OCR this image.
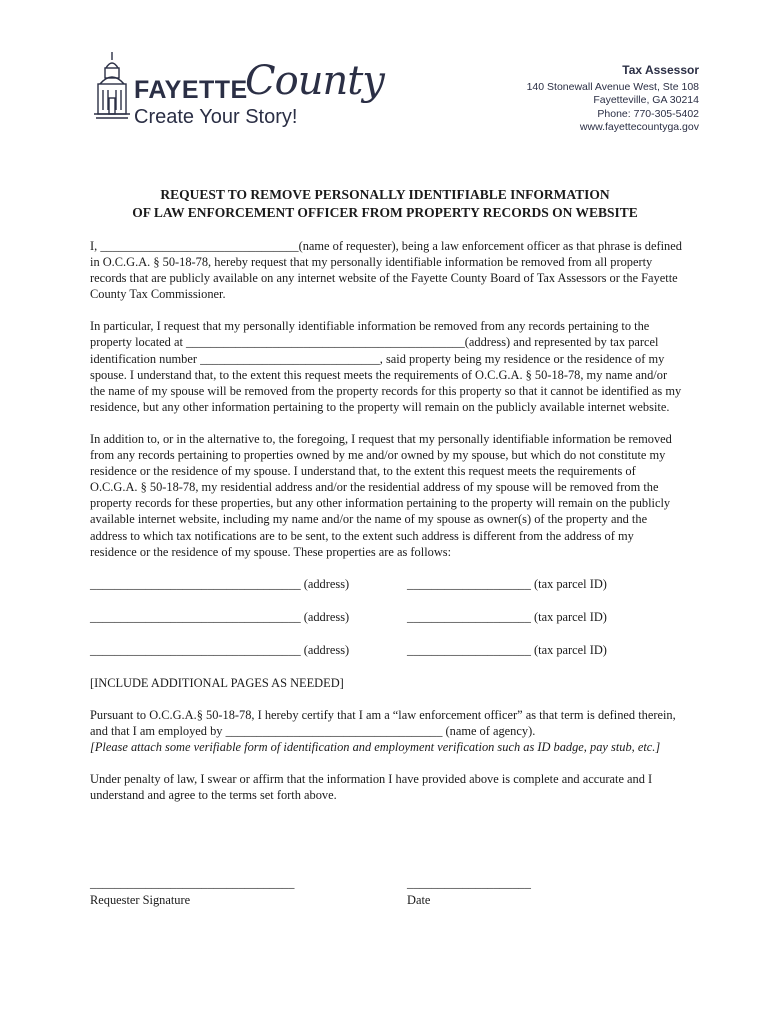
FAYETTE
County
Create Your Story!
Tax Assessor
140 Stonewall Avenue West, Ste 108
Fayetteville, GA 30214
Phone: 770-305-5402
www.fayettecountyga.gov
REQUEST TO REMOVE PERSONALLY IDENTIFIABLE INFORMATION
OF LAW ENFORCEMENT OFFICER FROM PROPERTY RECORDS ON WEBSITE

I, ________________________________(name of requester), being a law enforcement officer as that phrase is defined in O.C.G.A. § 50-18-78, hereby request that my personally identifiable information be removed from all property records that are publicly available on any internet website of the Fayette County Board of Tax Assessors or the Fayette County Tax Commissioner.

In particular, I request that my personally identifiable information be removed from any records pertaining to the property located at _____________________________________________(address) and represented by tax parcel identification number _____________________________, said property being my residence or the residence of my spouse. I understand that, to the extent this request meets the requirements of O.C.G.A. § 50-18-78, my name and/or the name of my spouse will be removed from the property records for this property so that it cannot be identified as my residence, but any other information pertaining to the property will remain on the publicly available internet website.

In addition to, or in the alternative to, the foregoing, I request that my personally identifiable information be removed from any records pertaining to properties owned by me and/or owned by my spouse, but which do not constitute my residence or the residence of my spouse. I understand that, to the extent this request meets the requirements of O.C.G.A. § 50-18-78, my residential address and/or the residential address of my spouse will be removed from the property records for these properties, but any other information pertaining to the property will remain on the publicly available internet website, including my name and/or the name of my spouse as owner(s) of the property and the address to which tax notifications are to be sent, to the extent such address is different from the address of my residence or the residence of my spouse. These properties are as follows:

__________________________________ (address)	____________________ (tax parcel ID)
__________________________________ (address)	____________________ (tax parcel ID)
__________________________________ (address)	____________________ (tax parcel ID)

[INCLUDE ADDITIONAL PAGES AS NEEDED]

Pursuant to O.C.G.A.§ 50-18-78, I hereby certify that I am a “law enforcement officer” as that term is defined therein, and that I am employed by ___________________________________ (name of agency).
[Please attach some verifiable form of identification and employment verification such as ID badge, pay stub, etc.]

Under penalty of law, I swear or affirm that the information I have provided above is complete and accurate and I understand and agree to the terms set forth above.

_________________________________
Requester Signature
____________________
Date
